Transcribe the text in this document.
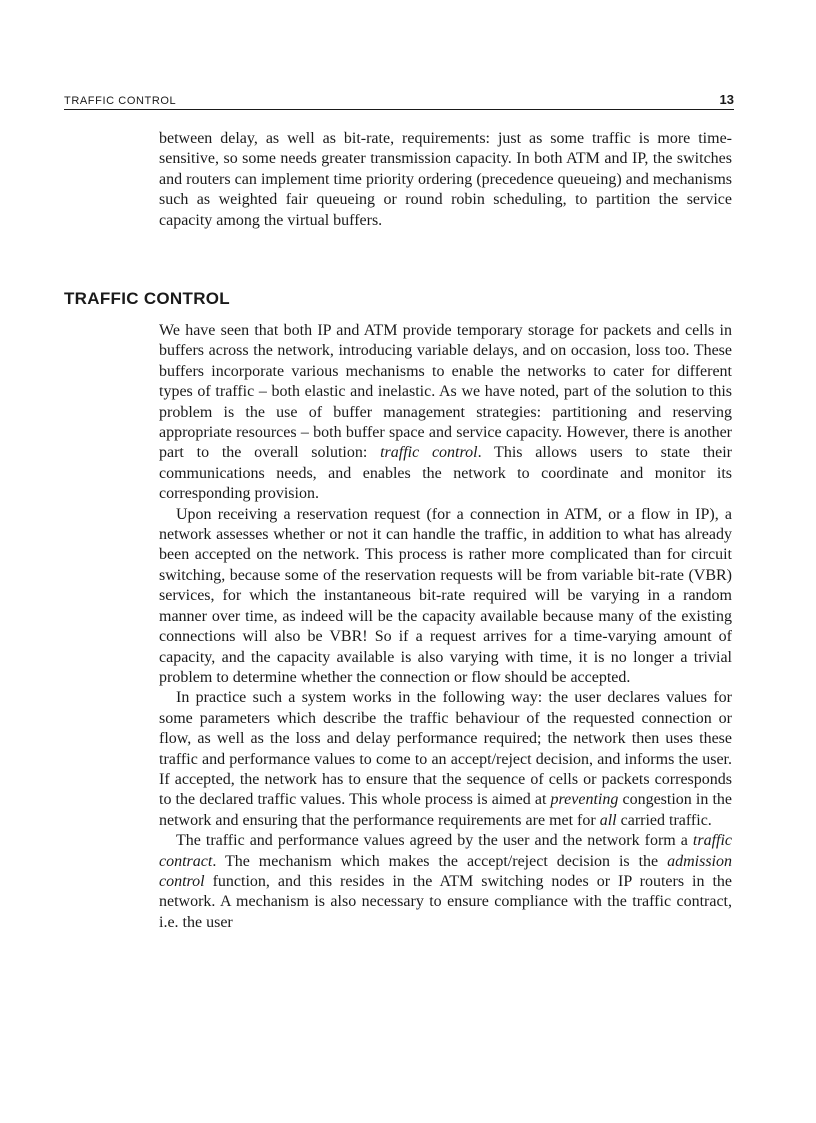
TRAFFIC CONTROL	13

between delay, as well as bit-rate, requirements: just as some traffic is more time-sensitive, so some needs greater transmission capacity. In both ATM and IP, the switches and routers can implement time priority ordering (precedence queueing) and mechanisms such as weighted fair queueing or round robin scheduling, to partition the service capacity among the virtual buffers.

TRAFFIC CONTROL

We have seen that both IP and ATM provide temporary storage for packets and cells in buffers across the network, introducing variable delays, and on occasion, loss too. These buffers incorporate various mechanisms to enable the networks to cater for different types of traffic – both elastic and inelastic. As we have noted, part of the solution to this problem is the use of buffer management strategies: partitioning and reserving appropriate resources – both buffer space and service capacity. However, there is another part to the overall solution: traffic control. This allows users to state their communications needs, and enables the network to coordinate and monitor its corresponding provision.

Upon receiving a reservation request (for a connection in ATM, or a flow in IP), a network assesses whether or not it can handle the traffic, in addition to what has already been accepted on the network. This process is rather more complicated than for circuit switching, because some of the reservation requests will be from variable bit-rate (VBR) services, for which the instantaneous bit-rate required will be varying in a random manner over time, as indeed will be the capacity available because many of the existing connections will also be VBR! So if a request arrives for a time-varying amount of capacity, and the capacity available is also varying with time, it is no longer a trivial problem to determine whether the connection or flow should be accepted.

In practice such a system works in the following way: the user declares values for some parameters which describe the traffic behaviour of the requested connection or flow, as well as the loss and delay performance required; the network then uses these traffic and performance values to come to an accept/reject decision, and informs the user. If accepted, the network has to ensure that the sequence of cells or packets corresponds to the declared traffic values. This whole process is aimed at preventing congestion in the network and ensuring that the performance requirements are met for all carried traffic.

The traffic and performance values agreed by the user and the network form a traffic contract. The mechanism which makes the accept/reject decision is the admission control function, and this resides in the ATM switching nodes or IP routers in the network. A mechanism is also necessary to ensure compliance with the traffic contract, i.e. the user
